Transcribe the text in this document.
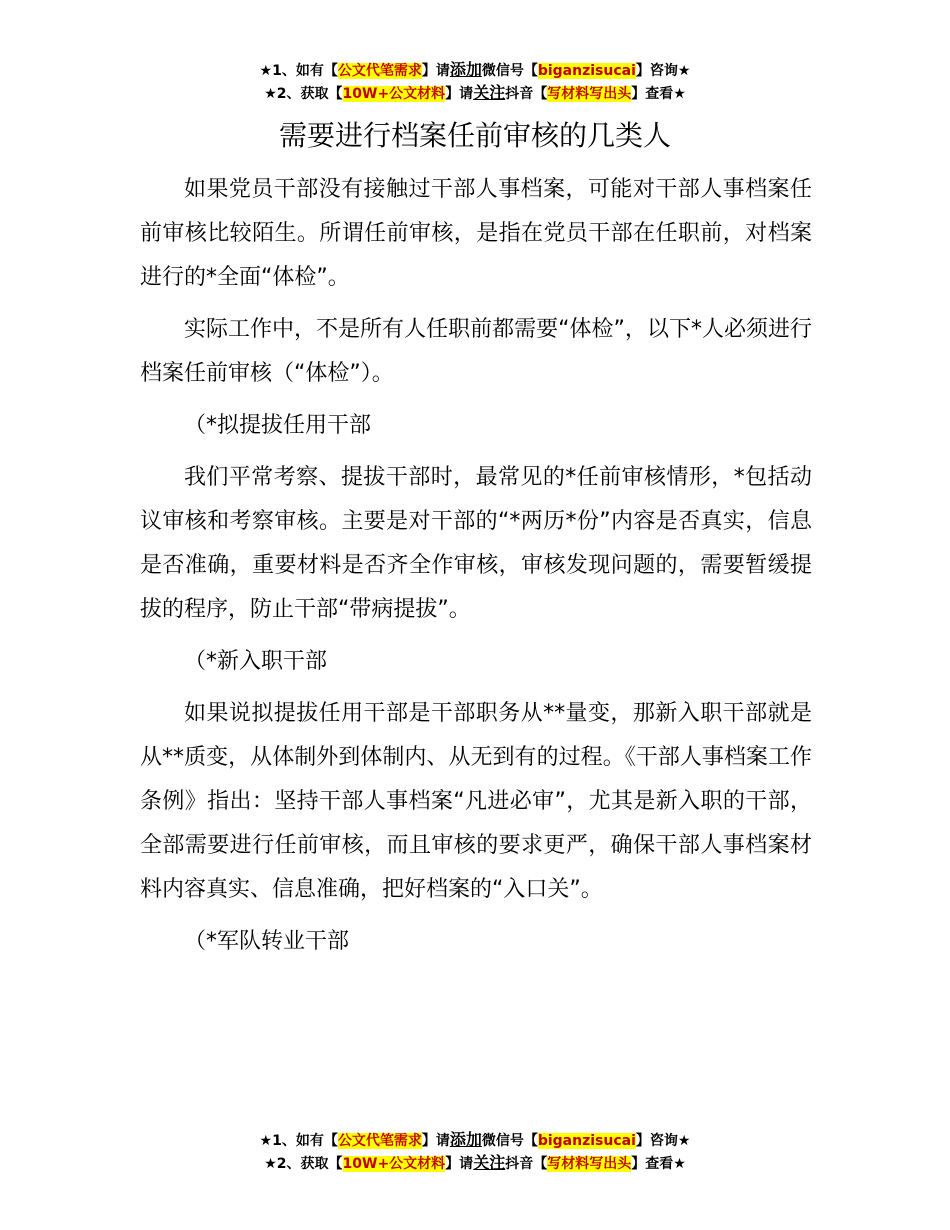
★1、如有【公文代笔需求】请添加微信号【biganzisucai】咨询★
★2、获取【10W+公文材料】请关注抖音【写材料写出头】查看★
需要进行档案任前审核的几类人

如果党员干部没有接触过干部人事档案，可能对干部人事档案任前审核比较陌生。所谓任前审核，是指在党员干部在任职前，对档案进行的*全面“体检”。

实际工作中，不是所有人任职前都需要“体检”，以下*人必须进行档案任前审核（“体检”）。

（*拟提拔任用干部

我们平常考察、提拔干部时，最常见的*任前审核情形，*包括动议审核和考察审核。主要是对干部的“*两历*份”内容是否真实，信息是否准确，重要材料是否齐全作审核，审核发现问题的，需要暂缓提拔的程序，防止干部“带病提拔”。

（*新入职干部

如果说拟提拔任用干部是干部职务从**量变，那新入职干部就是从**质变，从体制外到体制内、从无到有的过程。《干部人事档案工作条例》指出：坚持干部人事档案“凡进必审”，尤其是新入职的干部，全部需要进行任前审核，而且审核的要求更严，确保干部人事档案材料内容真实、信息准确，把好档案的“入口关”。

（*军队转业干部

★1、如有【公文代笔需求】请添加微信号【biganzisucai】咨询★
★2、获取【10W+公文材料】请关注抖音【写材料写出头】查看★
